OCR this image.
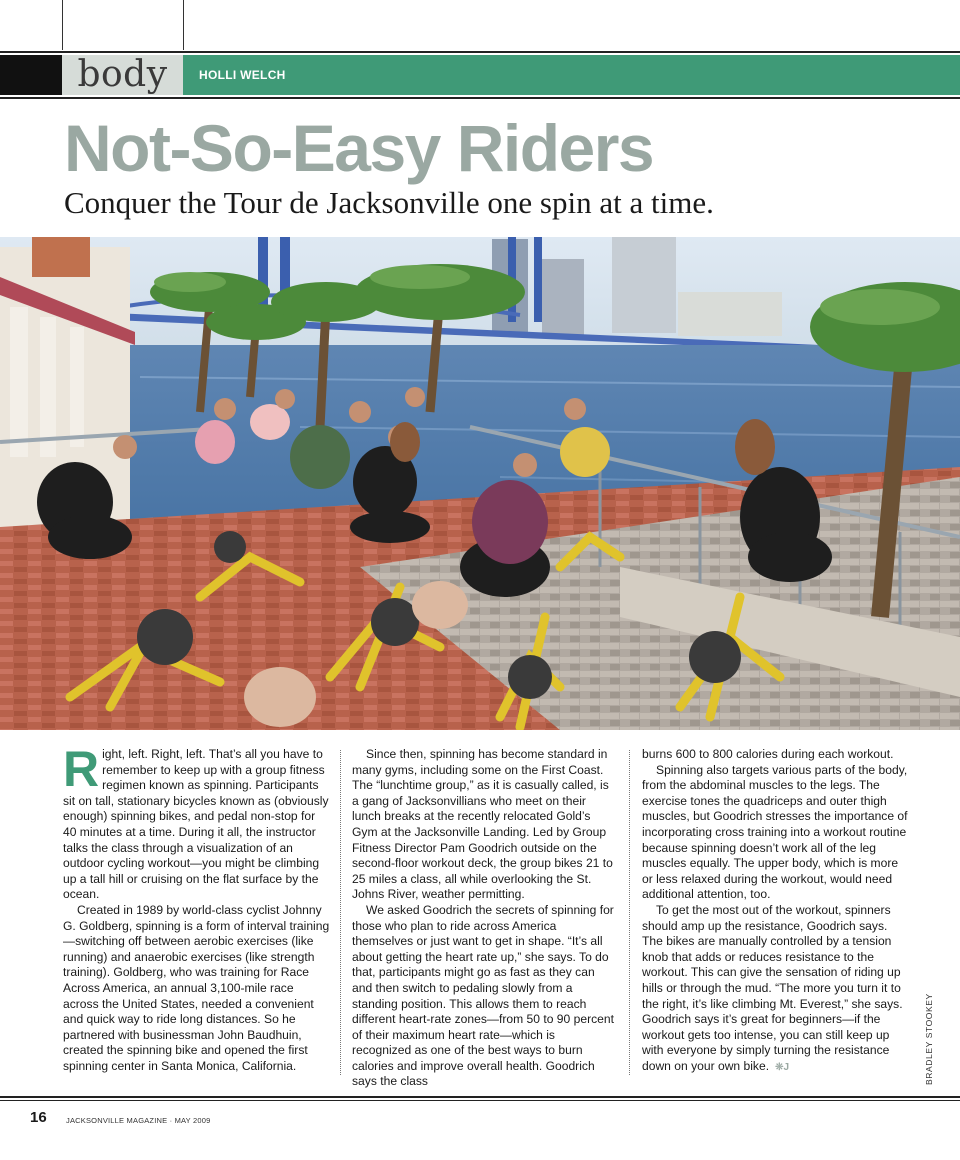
body	HOLLI WELCH
Not-So-Easy Riders
Conquer the Tour de Jacksonville one spin at a time.

Right, left. Right, left. That’s all you have to remember to keep up with a group fitness regimen known as spinning. Participants sit on tall, stationary bicycles known as (obviously enough) spinning bikes, and pedal non-stop for 40 minutes at a time. During it all, the instructor talks the class through a visualization of an outdoor cycling workout—you might be climbing up a tall hill or cruising on the flat surface by the ocean.

Created in 1989 by world-class cyclist Johnny G. Goldberg, spinning is a form of interval training—switching off between aerobic exercises (like running) and anaerobic exercises (like strength training). Goldberg, who was training for Race Across America, an annual 3,100-mile race across the United States, needed a convenient and quick way to ride long distances. So he partnered with businessman John Baudhuin, created the spinning bike and opened the first spinning center in Santa Monica, California.

Since then, spinning has become standard in many gyms, including some on the First Coast. The “lunchtime group,” as it is casually called, is a gang of Jacksonvillians who meet on their lunch breaks at the recently relocated Gold’s Gym at the Jacksonville Landing. Led by Group Fitness Director Pam Goodrich outside on the second-floor workout deck, the group bikes 21 to 25 miles a class, all while overlooking the St. Johns River, weather permitting.

We asked Goodrich the secrets of spinning for those who plan to ride across America themselves or just want to get in shape. “It’s all about getting the heart rate up,” she says. To do that, participants might go as fast as they can and then switch to pedaling slowly from a standing position. This allows them to reach different heart-rate zones—from 50 to 90 percent of their maximum heart rate—which is recognized as one of the best ways to burn calories and improve overall health. Goodrich says the class

burns 600 to 800 calories during each workout.

Spinning also targets various parts of the body, from the abdominal muscles to the legs. The exercise tones the quadriceps and outer thigh muscles, but Goodrich stresses the importance of incorporating cross training into a workout routine because spinning doesn’t work all of the leg muscles equally. The upper body, which is more or less relaxed during the workout, would need additional attention, too.

To get the most out of the workout, spinners should amp up the resistance, Goodrich says. The bikes are manually controlled by a tension knob that adds or reduces resistance to the workout. This can give the sensation of riding up hills or through the mud. “The more you turn it to the right, it’s like climbing Mt. Everest,” she says. Goodrich says it’s great for beginners—if the workout gets too intense, you can still keep up with everyone by simply turning the resistance down on your own bike. ❊J	BRADLEY STOOKEY
16	JACKSONVILLE MAGAZINE · MAY 2009
